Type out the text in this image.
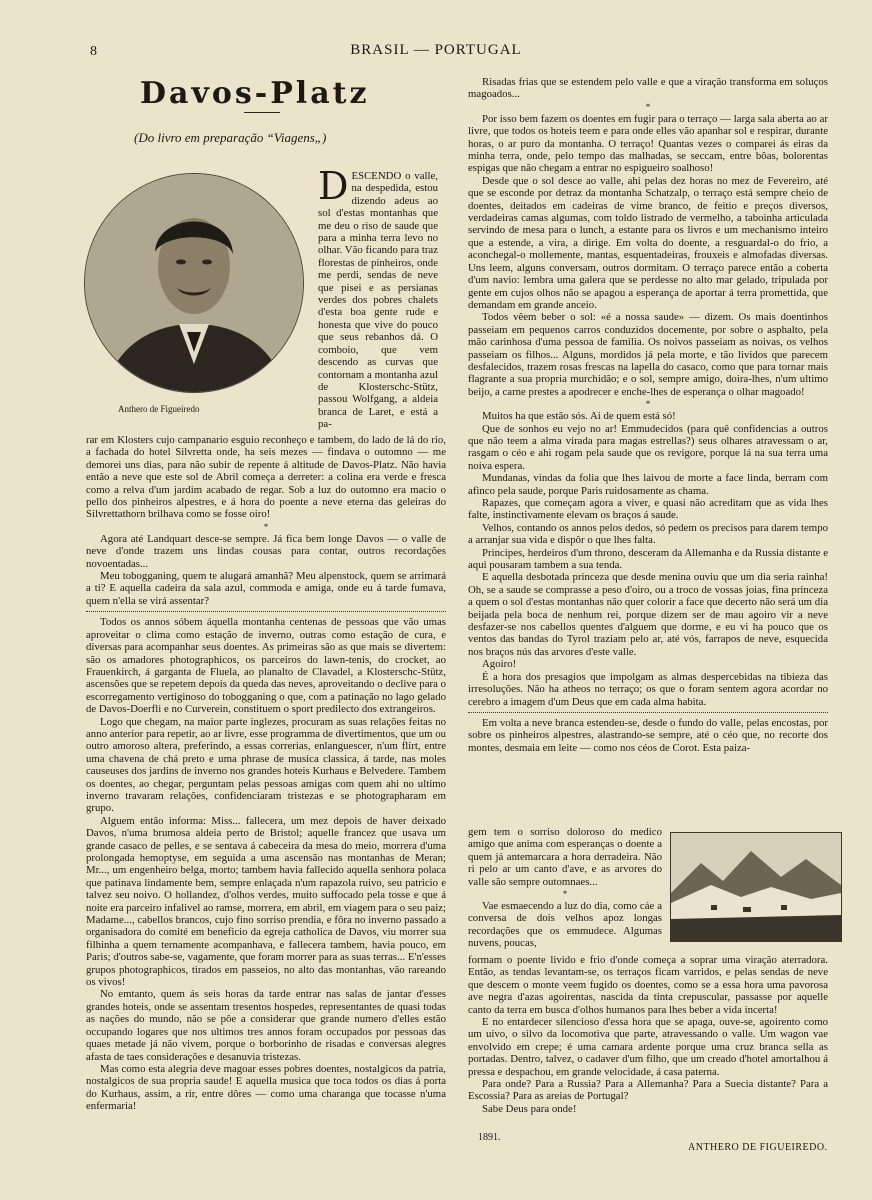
8	BRASIL — PORTUGAL
Davos-Platz
(Do livro em preparação “Viagens„)
Anthero de Figueiredo
DESCENDO o valle, na despedida, estou dizendo adeus ao sol d'estas montanhas que me deu o riso de saude que para a minha terra levo no olhar. Vão ficando para traz florestas de pinheiros, onde me perdi, sendas de neve que pisei e as persianas verdes dos pobres chalets d'esta boa gente rude e honesta que vive do pouco que seus rebanhos dá. O comboio, que vem descendo as curvas que contornam a montanha azul de Klosterschc-Stütz, passou Wolfgang, a aldeia branca de Laret, e está a pa-

rar em Klosters cujo campanario esguio reconheço e tambem, do lado de lá do rio, a fachada do hotel Silvretta onde, ha seis mezes — findava o outomno — me demorei uns dias, para não subir de repente á altitude de Davos-Platz. Não havia então a neve que este sol de Abril começa a derreter: a colina era verde e fresca como a relva d'um jardim acabado de regar. Sob a luz do outomno era macio o pello dos pinheiros alpestres, e á hora do poente a neve eterna das geleiras do Silvrettathorn brilhava como se fosse oiro!

*

Agora até Landquart desce-se sempre. Já fica bem longe Davos — o valle de neve d'onde trazem uns lindas cousas para contar, outros recordações novoentadas...

Meu tobogganing, quem te alugará amanhã? Meu alpenstock, quem se arrimará a ti? E aquella cadeira da sala azul, commoda e amiga, onde eu á tarde fumava, quem n'ella se virá assentar?

Todos os annos sóbem áquella montanha centenas de pessoas que vão umas aproveitar o clima como estação de inverno, outras como estação de cura, e diversas para acompanhar seus doentes. As primeiras são as que mais se divertem: são os amadores photographicos, os parceiros do lawn-tenis, do crocket, ao Frauenkirch, á garganta de Fluela, ao planalto de Clavadel, a Klosterschc-Stütz, ascensões que se repetem depois da queda das neves, aproveitando o declive para o escorregamento vertiginoso do tobogganing o que, com a patinação no lago gelado de Davos-Doerfli e no Curverein, constituem o sport predilecto dos extrangeiros.

Logo que chegam, na maior parte inglezes, procuram as suas relações feitas no anno anterior para repetir, ao ar livre, esse programma de divertimentos, que um ou outro amoroso altera, preferindo, a essas correrias, enlanguescer, n'um flirt, entre uma chavena de chá preto e uma phrase de musica classica, á tarde, nas moles causeuses dos jardins de inverno nos grandes hoteis Kurhaus e Belvedere. Tambem os doentes, ao chegar, perguntam pelas pessoas amigas com quem ahi no ultimo inverno travaram relações, confidenciaram tristezas e se photographaram em grupo.

Alguem então informa: Miss... fallecera, um mez depois de haver deixado Davos, n'uma brumosa aldeia perto de Bristol; aquelle francez que usava um grande casaco de pelles, e se sentava á cabeceira da mesa do meio, morrera d'uma prolongada hemoptyse, em seguida a uma ascensão nas montanhas de Meran; Mr..., um engenheiro belga, morto; tambem havia fallecido aquella senhora polaca que patinava lindamente bem, sempre enlaçada n'um rapazola ruivo, seu patricio e talvez seu noivo. O hollandez, d'olhos verdes, muito suffocado pela tosse e que á noite era parceiro infalivel ao ramse, morrera, em abril, em viagem para o seu paiz; Madame..., cabellos brancos, cujo fino sorriso prendia, e fôra no inverno passado a organisadora do comité em beneficio da egreja catholica de Davos, viu morrer sua filhinha a quem ternamente acompanhava, e fallecera tambem, havia pouco, em Paris; d'outros sabe-se, vagamente, que foram morrer para as suas terras... E'n'esses grupos photographicos, tirados em passeios, no alto das montanhas, vão rareando os vivos!

No emtanto, quem ás seis horas da tarde entrar nas salas de jantar d'esses grandes hoteis, onde se assentam tresentos hospedes, representantes de quasi todas as nações do mundo, não se pôe a considerar que grande numero d'elles estão occupando logares que nos ultimos tres annos foram occupados por pessoas das quaes metade já não vivem, porque o borborinho de risadas e conversas alegres afasta de taes considerações e desanuvia tristezas.

Mas como esta alegria deve magoar esses pobres doentes, nostalgicos da patria, nostalgicos de sua propria saude! E aquella musica que toca todos os dias á porta do Kurhaus, assim, a rir, entre dôres — como uma charanga que tocasse n'uma enfermaria!

Risadas frias que se estendem pelo valle e que a viração transforma em soluços magoados...

*

Por isso bem fazem os doentes em fugir para o terraço — larga sala aberta ao ar livre, que todos os hoteis teem e para onde elles vão apanhar sol e respirar, durante horas, o ar puro da montanha. O terraço! Quantas vezes o comparei ás eiras da minha terra, onde, pelo tempo das malhadas, se seccam, entre bôas, bolorentas espigas que não chegam a entrar no espigueiro soalhoso!

Desde que o sol desce ao valle, ahi pelas dez horas no mez de Fevereiro, até que se esconde por detraz da montanha Schatzalp, o terraço está sempre cheio de doentes, deitados em cadeiras de vime branco, de feitio e preços diversos, verdadeiras camas algumas, com toldo listrado de vermelho, a taboinha articulada servindo de mesa para o lunch, a estante para os livros e um mechanismo inteiro que a estende, a vira, a dirige. Em volta do doente, a resguardal-o do frio, a aconchegal-o mollemente, mantas, esquentadeiras, frouxeis e almofadas diversas. Uns leem, alguns conversam, outros dormitam. O terraço parece então a coberta d'um navio: lembra uma galera que se perdesse no alto mar gelado, tripulada por gente em cujos olhos não se apagou a esperança de aportar á terra promettida, que demandam em grande anceio.

Todos vêem beber o sol: «é a nossa saude» — dizem. Os mais doentinhos passeiam em pequenos carros conduzidos docemente, por sobre o asphalto, pela mão carinhosa d'uma pessoa de familia. Os noivos passeiam as noivas, os velhos passeiam os filhos... Alguns, mordidos já pela morte, e tão lividos que parecem desfalecidos, trazem rosas frescas na lapella do casaco, como que para tornar mais flagrante a sua propria murchidão; e o sol, sempre amigo, doira-lhes, n'um ultimo beijo, a carne prestes a apodrecer e enche-lhes de esperança o olhar magoado!

*

Muitos ha que estão sós. Ai de quem está só!

Que de sonhos eu vejo no ar! Emmudecidos (para quê confidencias a outros que não teem a alma virada para magas estrellas?) seus olhares atravessam o ar, rasgam o céo e ahi rogam pela saude que os revigore, porque lá na sua terra uma noiva espera.

Mundanas, vindas da folia que lhes laivou de morte a face linda, berram com afinco pela saude, porque Paris ruidosamente as chama.

Rapazes, que começam agora a viver, e quasi não acreditam que as vida lhes falte, instinctivamente elevam os braços á saude.

Velhos, contando os annos pelos dedos, só pedem os precisos para darem tempo a arranjar sua vida e dispôr o que lhes falta.

Principes, herdeiros d'um throno, desceram da Allemanha e da Russia distante e aqui pousaram tambem a sua tenda.

E aquella desbotada princeza que desde menina ouviu que um dia seria rainha! Oh, se a saude se comprasse a peso d'oiro, ou a troco de vossas joias, fina princeza a quem o sol d'estas montanhas não quer colorir a face que decerto não será um dia beijada pela boca de nenhum rei, porque dizem ser de mau agoiro vir a neve desfazer-se nos cabellos quentes d'alguem que dorme, e eu vi ha pouco que os ventos das bandas do Tyrol traziam pelo ar, até vós, farrapos de neve, esquecida nos braços nús das arvores d'este valle.

Agoiro!

É a hora dos presagios que impolgam as almas despercebidas na tibieza das irresoluções. Não ha atheos no terraço; os que o foram sentem agora acordar no cerebro a imagem d'um Deus que em cada alma habita.

Em volta a neve branca estendeu-se, desde o fundo do valle, pelas encostas, por sobre os pinheiros alpestres, alastrando-se sempre, até o céo que, no recorte dos montes, desmaia em leite — como nos céos de Corot. Esta paiza-

gem tem o sorriso doloroso do medico amigo que anima com esperanças o doente a quem já antemarcara a hora derradeira. Não ri pelo ar um canto d'ave, e as arvores do valle são sempre outomnaes...

*

Vae esmaecendo a luz do dia, como cáe a conversa de dois velhos apoz longas recordações que os emmudece. Algumas nuvens, poucas,

formam o poente livido e frio d'onde começa a soprar uma viração aterradora. Então, as tendas levantam-se, os terraços ficam varridos, e pelas sendas de neve que descem o monte veem fugido os doentes, como se a essa hora uma pavorosa ave negra d'azas agoirentas, nascida da tinta crepuscular, passasse por aquelle canto da terra em busca d'olhos humanos para lhes beber a vida incerta!

E no entardecer silencioso d'essa hora que se apaga, ouve-se, agoirento como um uivo, o silvo da locomotiva que parte, atravessando o valle. Um wagon vae envolvido em crepe; é uma camara ardente porque uma cruz branca sella as portadas. Dentro, talvez, o cadaver d'um filho, que um creado d'hotel amortalhou á pressa e despachou, em grande velocidade, á casa paterna.

Para onde? Para a Russia? Para a Allemanha? Para a Suecia distante? Para a Escossia? Para as areias de Portugal?

Sabe Deus para onde!

1891.
ANTHERO DE FIGUEIREDO.
